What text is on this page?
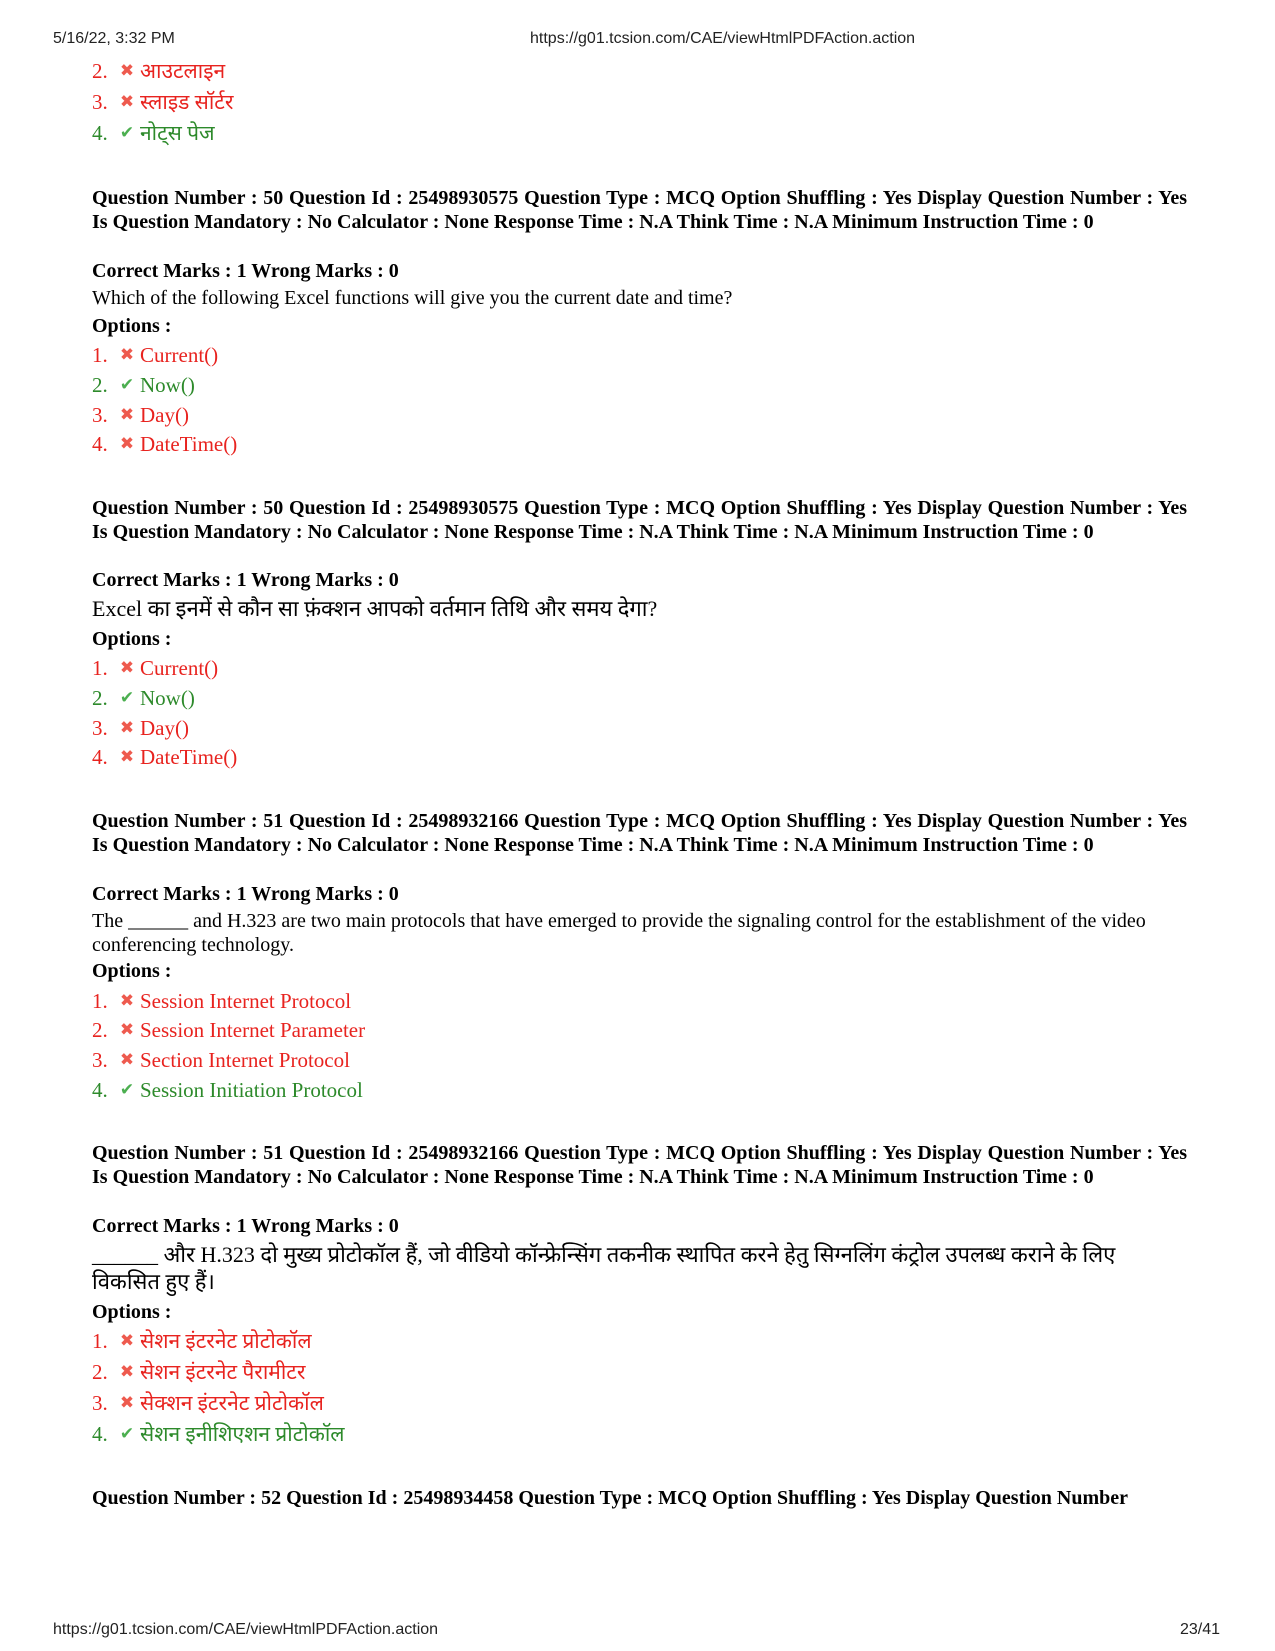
5/16/22, 3:32 PM	https://g01.tcsion.com/CAE/viewHtmlPDFAction.action
2. ✖ आउटलाइन
3. ✖ स्लाइड सॉर्टर
4. ✔ नोट्स पेज
Question Number : 50 Question Id : 25498930575 Question Type : MCQ Option Shuffling : Yes Display Question Number : Yes Is Question Mandatory : No Calculator : None Response Time : N.A Think Time : N.A Minimum Instruction Time : 0
Correct Marks : 1 Wrong Marks : 0
Which of the following Excel functions will give you the current date and time?
Options :
1. ✖ Current()
2. ✔ Now()
3. ✖ Day()
4. ✖ DateTime()
Question Number : 50 Question Id : 25498930575 Question Type : MCQ Option Shuffling : Yes Display Question Number : Yes Is Question Mandatory : No Calculator : None Response Time : N.A Think Time : N.A Minimum Instruction Time : 0
Correct Marks : 1 Wrong Marks : 0
Excel का इनमें से कौन सा फ़ंक्शन आपको वर्तमान तिथि और समय देगा?
Options :
1. ✖ Current()
2. ✔ Now()
3. ✖ Day()
4. ✖ DateTime()
Question Number : 51 Question Id : 25498932166 Question Type : MCQ Option Shuffling : Yes Display Question Number : Yes Is Question Mandatory : No Calculator : None Response Time : N.A Think Time : N.A Minimum Instruction Time : 0
Correct Marks : 1 Wrong Marks : 0
The ______ and H.323 are two main protocols that have emerged to provide the signaling control for the establishment of the video conferencing technology.
Options :
1. ✖ Session Internet Protocol
2. ✖ Session Internet Parameter
3. ✖ Section Internet Protocol
4. ✔ Session Initiation Protocol
Question Number : 51 Question Id : 25498932166 Question Type : MCQ Option Shuffling : Yes Display Question Number : Yes Is Question Mandatory : No Calculator : None Response Time : N.A Think Time : N.A Minimum Instruction Time : 0
Correct Marks : 1 Wrong Marks : 0
______ और H.323 दो मुख्य प्रोटोकॉल हैं, जो वीडियो कॉन्फ्रेन्सिंग तकनीक स्थापित करने हेतु सिग्नलिंग कंट्रोल उपलब्ध कराने के लिए विकसित हुए हैं।
Options :
1. ✖ सेशन इंटरनेट प्रोटोकॉल
2. ✖ सेशन इंटरनेट पैरामीटर
3. ✖ सेक्शन इंटरनेट प्रोटोकॉल
4. ✔ सेशन इनीशिएशन प्रोटोकॉल
Question Number : 52 Question Id : 25498934458 Question Type : MCQ Option Shuffling : Yes Display Question Number
https://g01.tcsion.com/CAE/viewHtmlPDFAction.action	23/41
